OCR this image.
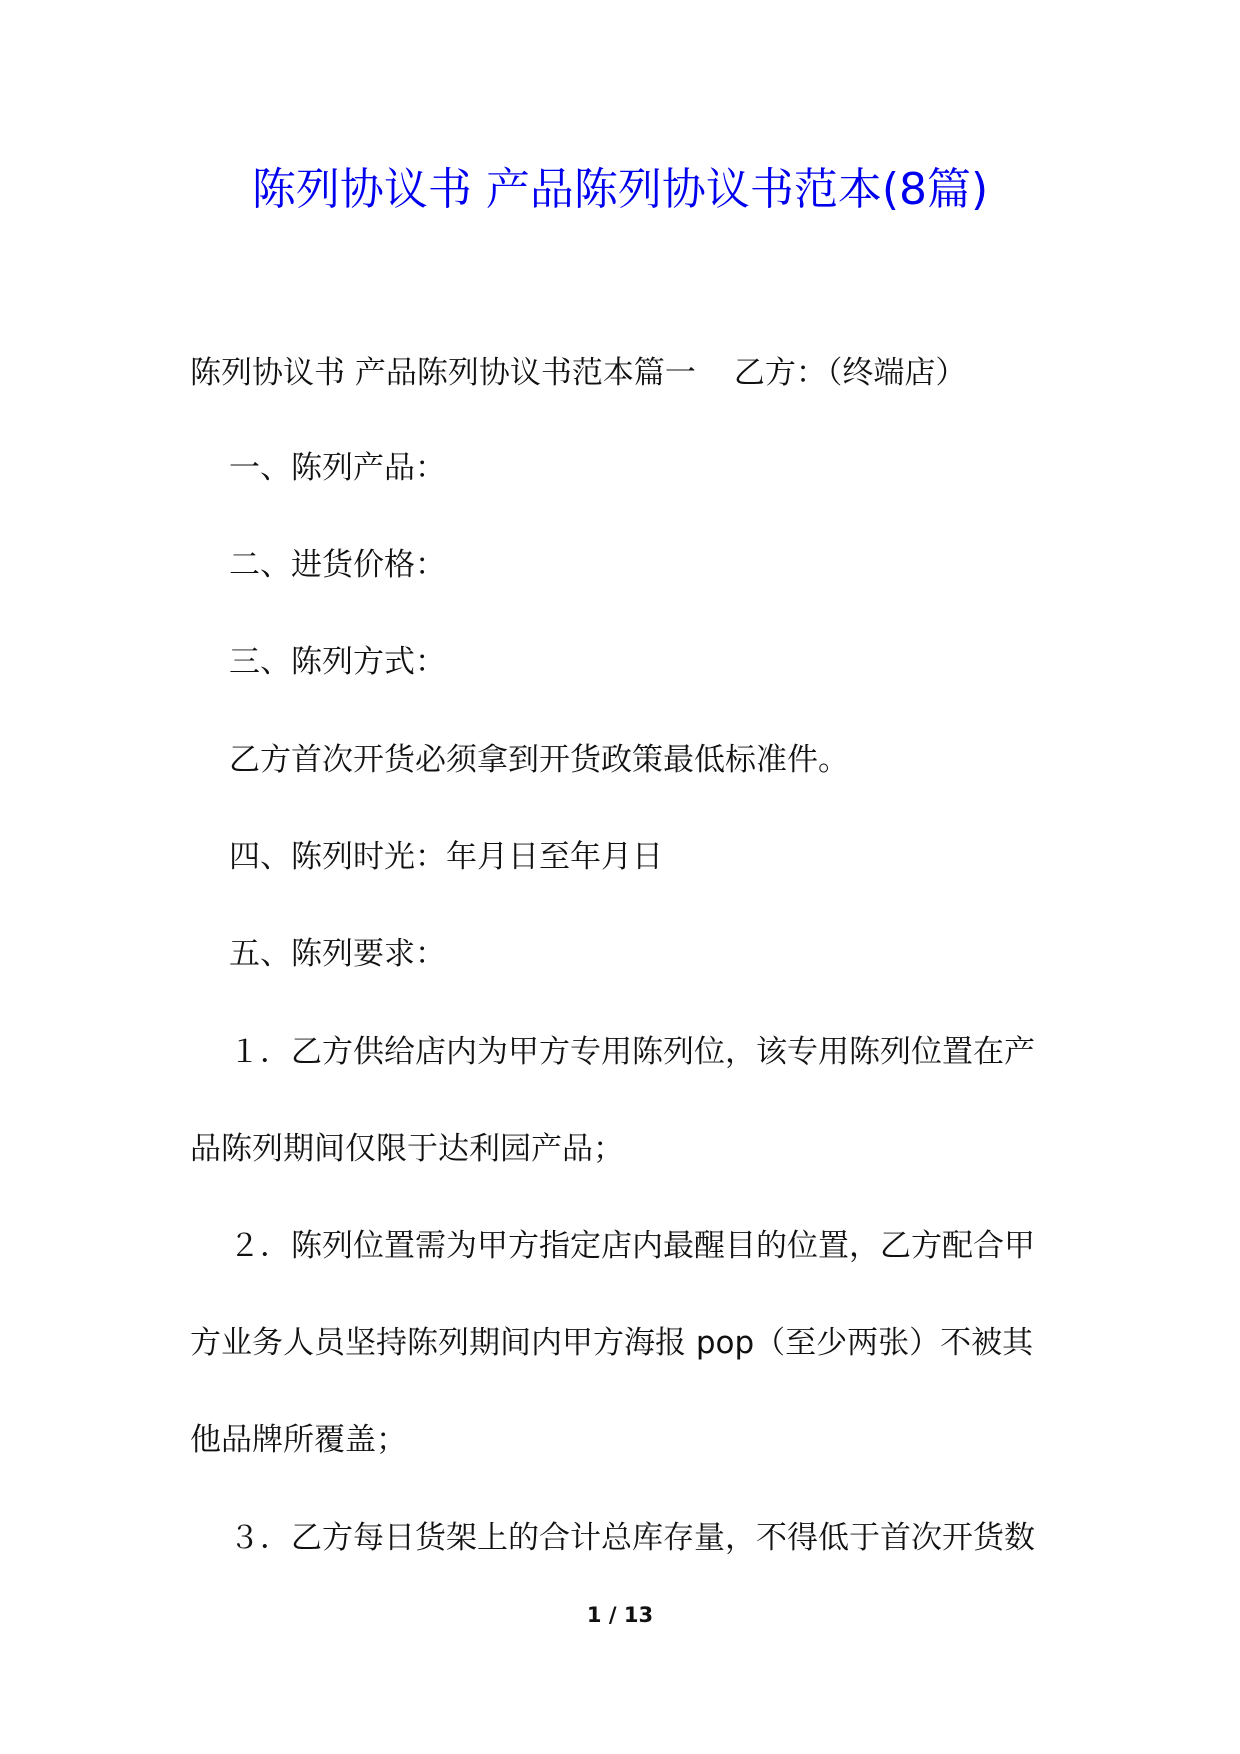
陈列协议书 产品陈列协议书范本(8篇)
陈列协议书 产品陈列协议书范本篇一 乙方：（终端店）
一、陈列产品：
二、进货价格：
三、陈列方式：
乙方首次开货必须拿到开货政策最低标准件。
四、陈列时光：年月日至年月日
五、陈列要求：
１．乙方供给店内为甲方专用陈列位，该专用陈列位置在产
品陈列期间仅限于达利园产品；
２．陈列位置需为甲方指定店内最醒目的位置，乙方配合甲
方业务人员坚持陈列期间内甲方海报 pop（至少两张）不被其
他品牌所覆盖；
３．乙方每日货架上的合计总库存量，不得低于首次开货数
1 / 13
